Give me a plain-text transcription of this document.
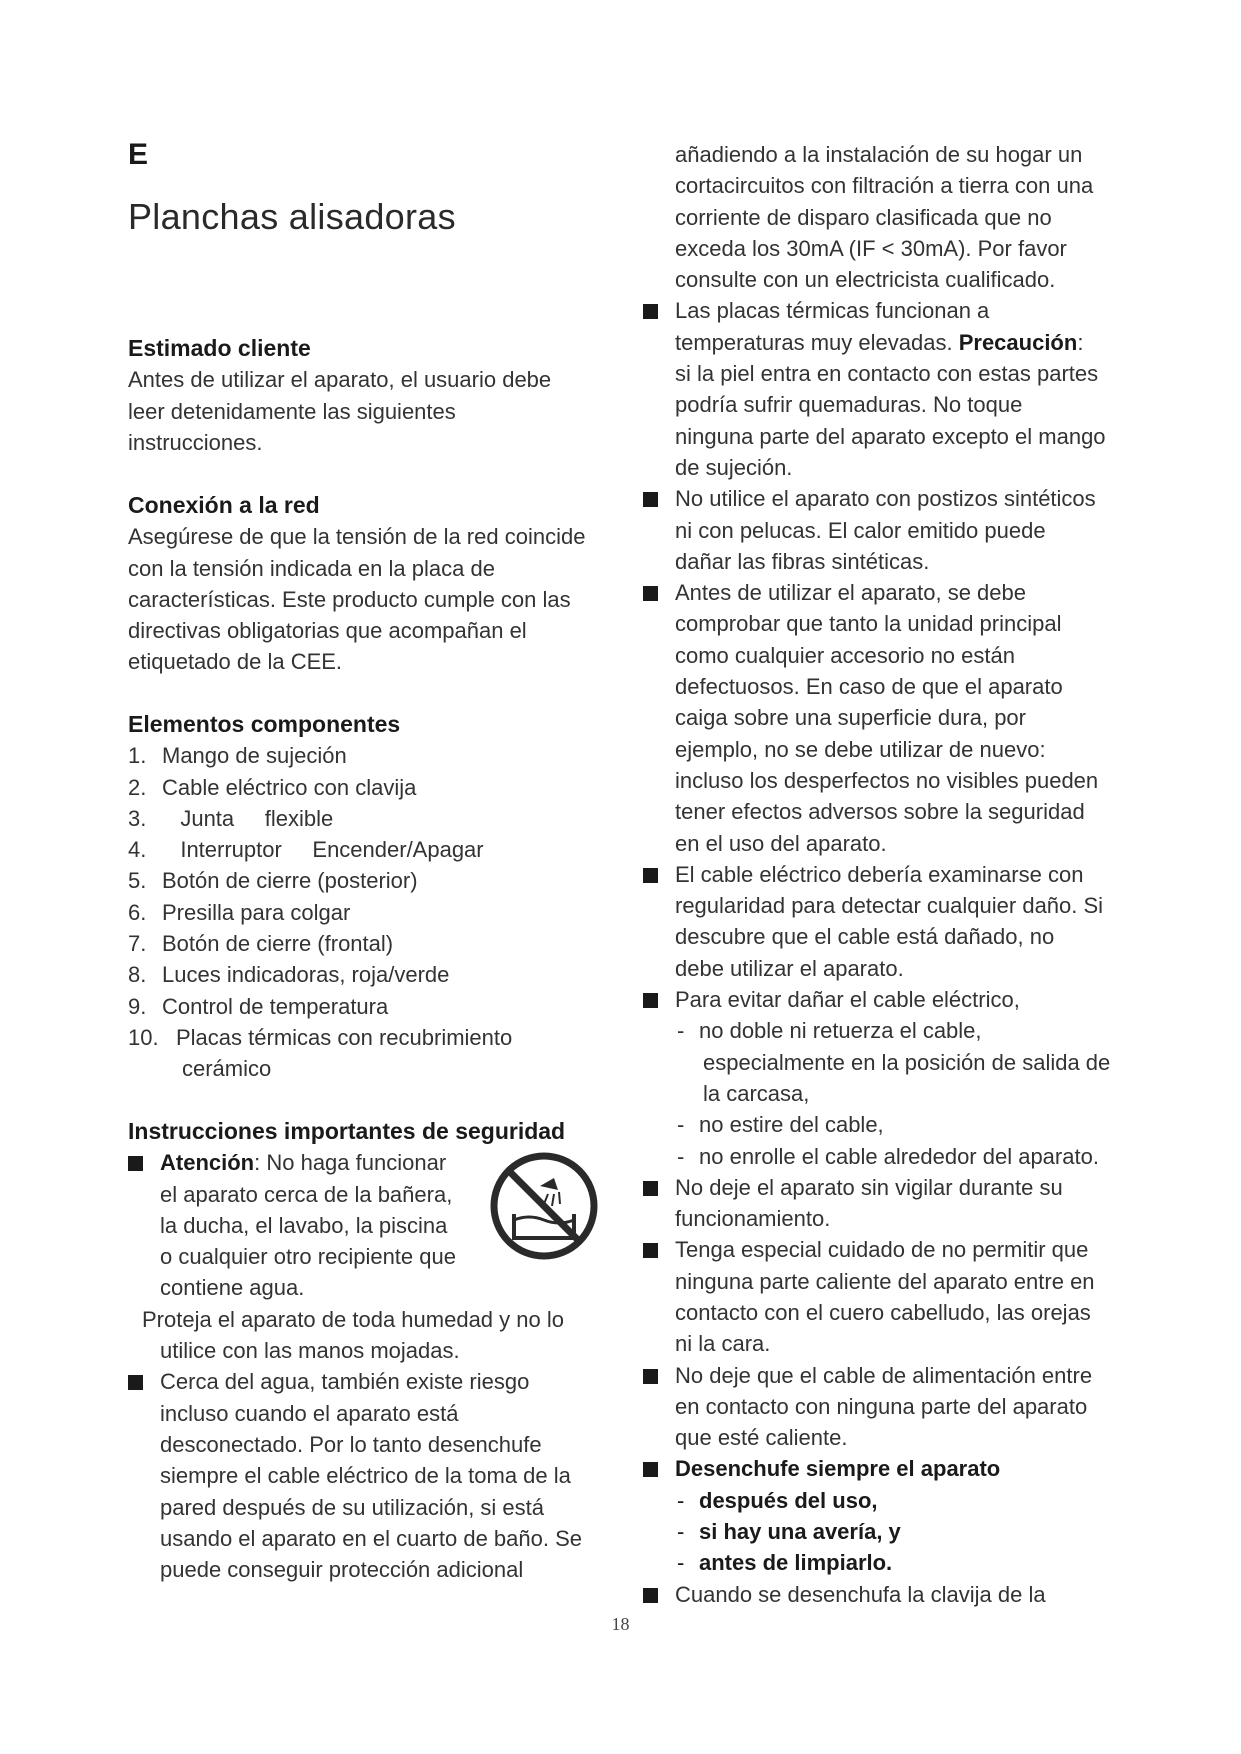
E
Planchas alisadoras
Estimado cliente
Antes de utilizar el aparato, el usuario debe
leer detenidamente las siguientes
instrucciones.
Conexión a la red
Asegúrese de que la tensión de la red coincide
con la tensión indicada en la placa de
características. Este producto cumple con las
directivas obligatorias que acompañan el
etiquetado de la CEE.
Elementos componentes
1. Mango de sujeción
2. Cable eléctrico con clavija
3.   Junta     flexible
4.   Interruptor     Encender/Apagar
5. Botón de cierre (posterior)
6. Presilla para colgar
7. Botón de cierre (frontal)
8. Luces indicadoras, roja/verde
9. Control de temperatura
10. Placas térmicas con recubrimiento
cerámico
Instrucciones importantes de seguridad
Atención: No haga funcionar
el aparato cerca de la bañera,
la ducha, el lavabo, la piscina
o cualquier otro recipiente que
contiene agua.
Proteja el aparato de toda humedad y no lo
utilice con las manos mojadas.
Cerca del agua, también existe riesgo
incluso cuando el aparato está
desconectado. Por lo tanto desenchufe
siempre el cable eléctrico de la toma de la
pared después de su utilización, si está
usando el aparato en el cuarto de baño. Se
puede conseguir protección adicional
añadiendo a la instalación de su hogar un
cortacircuitos con filtración a tierra con una
corriente de disparo clasificada que no
exceda los 30mA (IF < 30mA). Por favor
consulte con un electricista cualificado.
Las placas térmicas funcionan a
temperaturas muy elevadas. Precaución:
si la piel entra en contacto con estas partes
podría sufrir quemaduras. No toque
ninguna parte del aparato excepto el mango
de sujeción.
No utilice el aparato con postizos sintéticos
ni con pelucas. El calor emitido puede
dañar las fibras sintéticas.
Antes de utilizar el aparato, se debe
comprobar que tanto la unidad principal
como cualquier accesorio no están
defectuosos. En caso de que el aparato
caiga sobre una superficie dura, por
ejemplo, no se debe utilizar de nuevo:
incluso los desperfectos no visibles pueden
tener efectos adversos sobre la seguridad
en el uso del aparato.
El cable eléctrico debería examinarse con
regularidad para detectar cualquier daño. Si
descubre que el cable está dañado, no
debe utilizar el aparato.
Para evitar dañar el cable eléctrico,
- no doble ni retuerza el cable,
especialmente en la posición de salida de
la carcasa,
- no estire del cable,
- no enrolle el cable alrededor del aparato.
No deje el aparato sin vigilar durante su
funcionamiento.
Tenga especial cuidado de no permitir que
ninguna parte caliente del aparato entre en
contacto con el cuero cabelludo, las orejas
ni la cara.
No deje que el cable de alimentación entre
en contacto con ninguna parte del aparato
que esté caliente.
Desenchufe siempre el aparato
- después del uso,
- si hay una avería, y
- antes de limpiarlo.
Cuando se desenchufa la clavija de la
18
